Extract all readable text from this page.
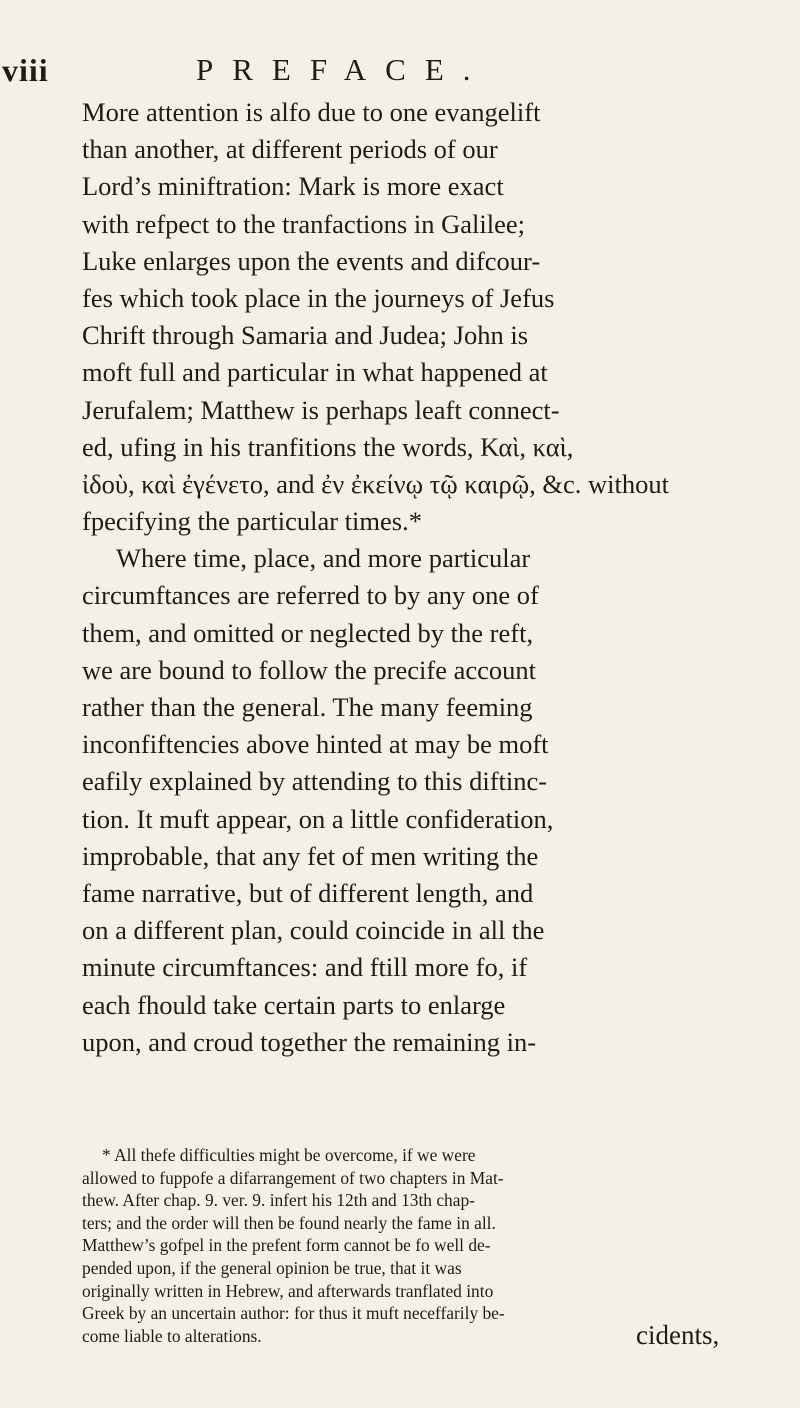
viii	PREFACE.
More attention is alfo due to one evangelift
than another, at different periods of our
Lord’s miniftration: Mark is more exact
with refpect to the tranfactions in Galilee;
Luke enlarges upon the events and difcour-
fes which took place in the journeys of Jefus
Chrift through Samaria and Judea; John is
moft full and particular in what happened at
Jerufalem; Matthew is perhaps leaft connect-
ed, ufing in his tranfitions the words, Καὶ, καὶ,
ἰδοὺ, καὶ ἐγένετο, and ἐν ἐκείνῳ τῷ καιρῷ, &c. without
fpecifying the particular times.*
Where time, place, and more particular
circumftances are referred to by any one of
them, and omitted or neglected by the reft,
we are bound to follow the precife account
rather than the general. The many feeming
inconfiftencies above hinted at may be moft
eafily explained by attending to this diftinc-
tion. It muft appear, on a little confideration,
improbable, that any fet of men writing the
fame narrative, but of different length, and
on a different plan, could coincide in all the
minute circumftances: and ftill more fo, if
each fhould take certain parts to enlarge
upon, and croud together the remaining in-
* All thefe difficulties might be overcome, if we were
allowed to fuppofe a difarrangement of two chapters in Mat-
thew. After chap. 9. ver. 9. infert his 12th and 13th chap-
ters; and the order will then be found nearly the fame in all.
Matthew’s gofpel in the prefent form cannot be fo well de-
pended upon, if the general opinion be true, that it was
originally written in Hebrew, and afterwards tranflated into
Greek by an uncertain author: for thus it muft neceffarily be-
come liable to alterations.	cidents,
